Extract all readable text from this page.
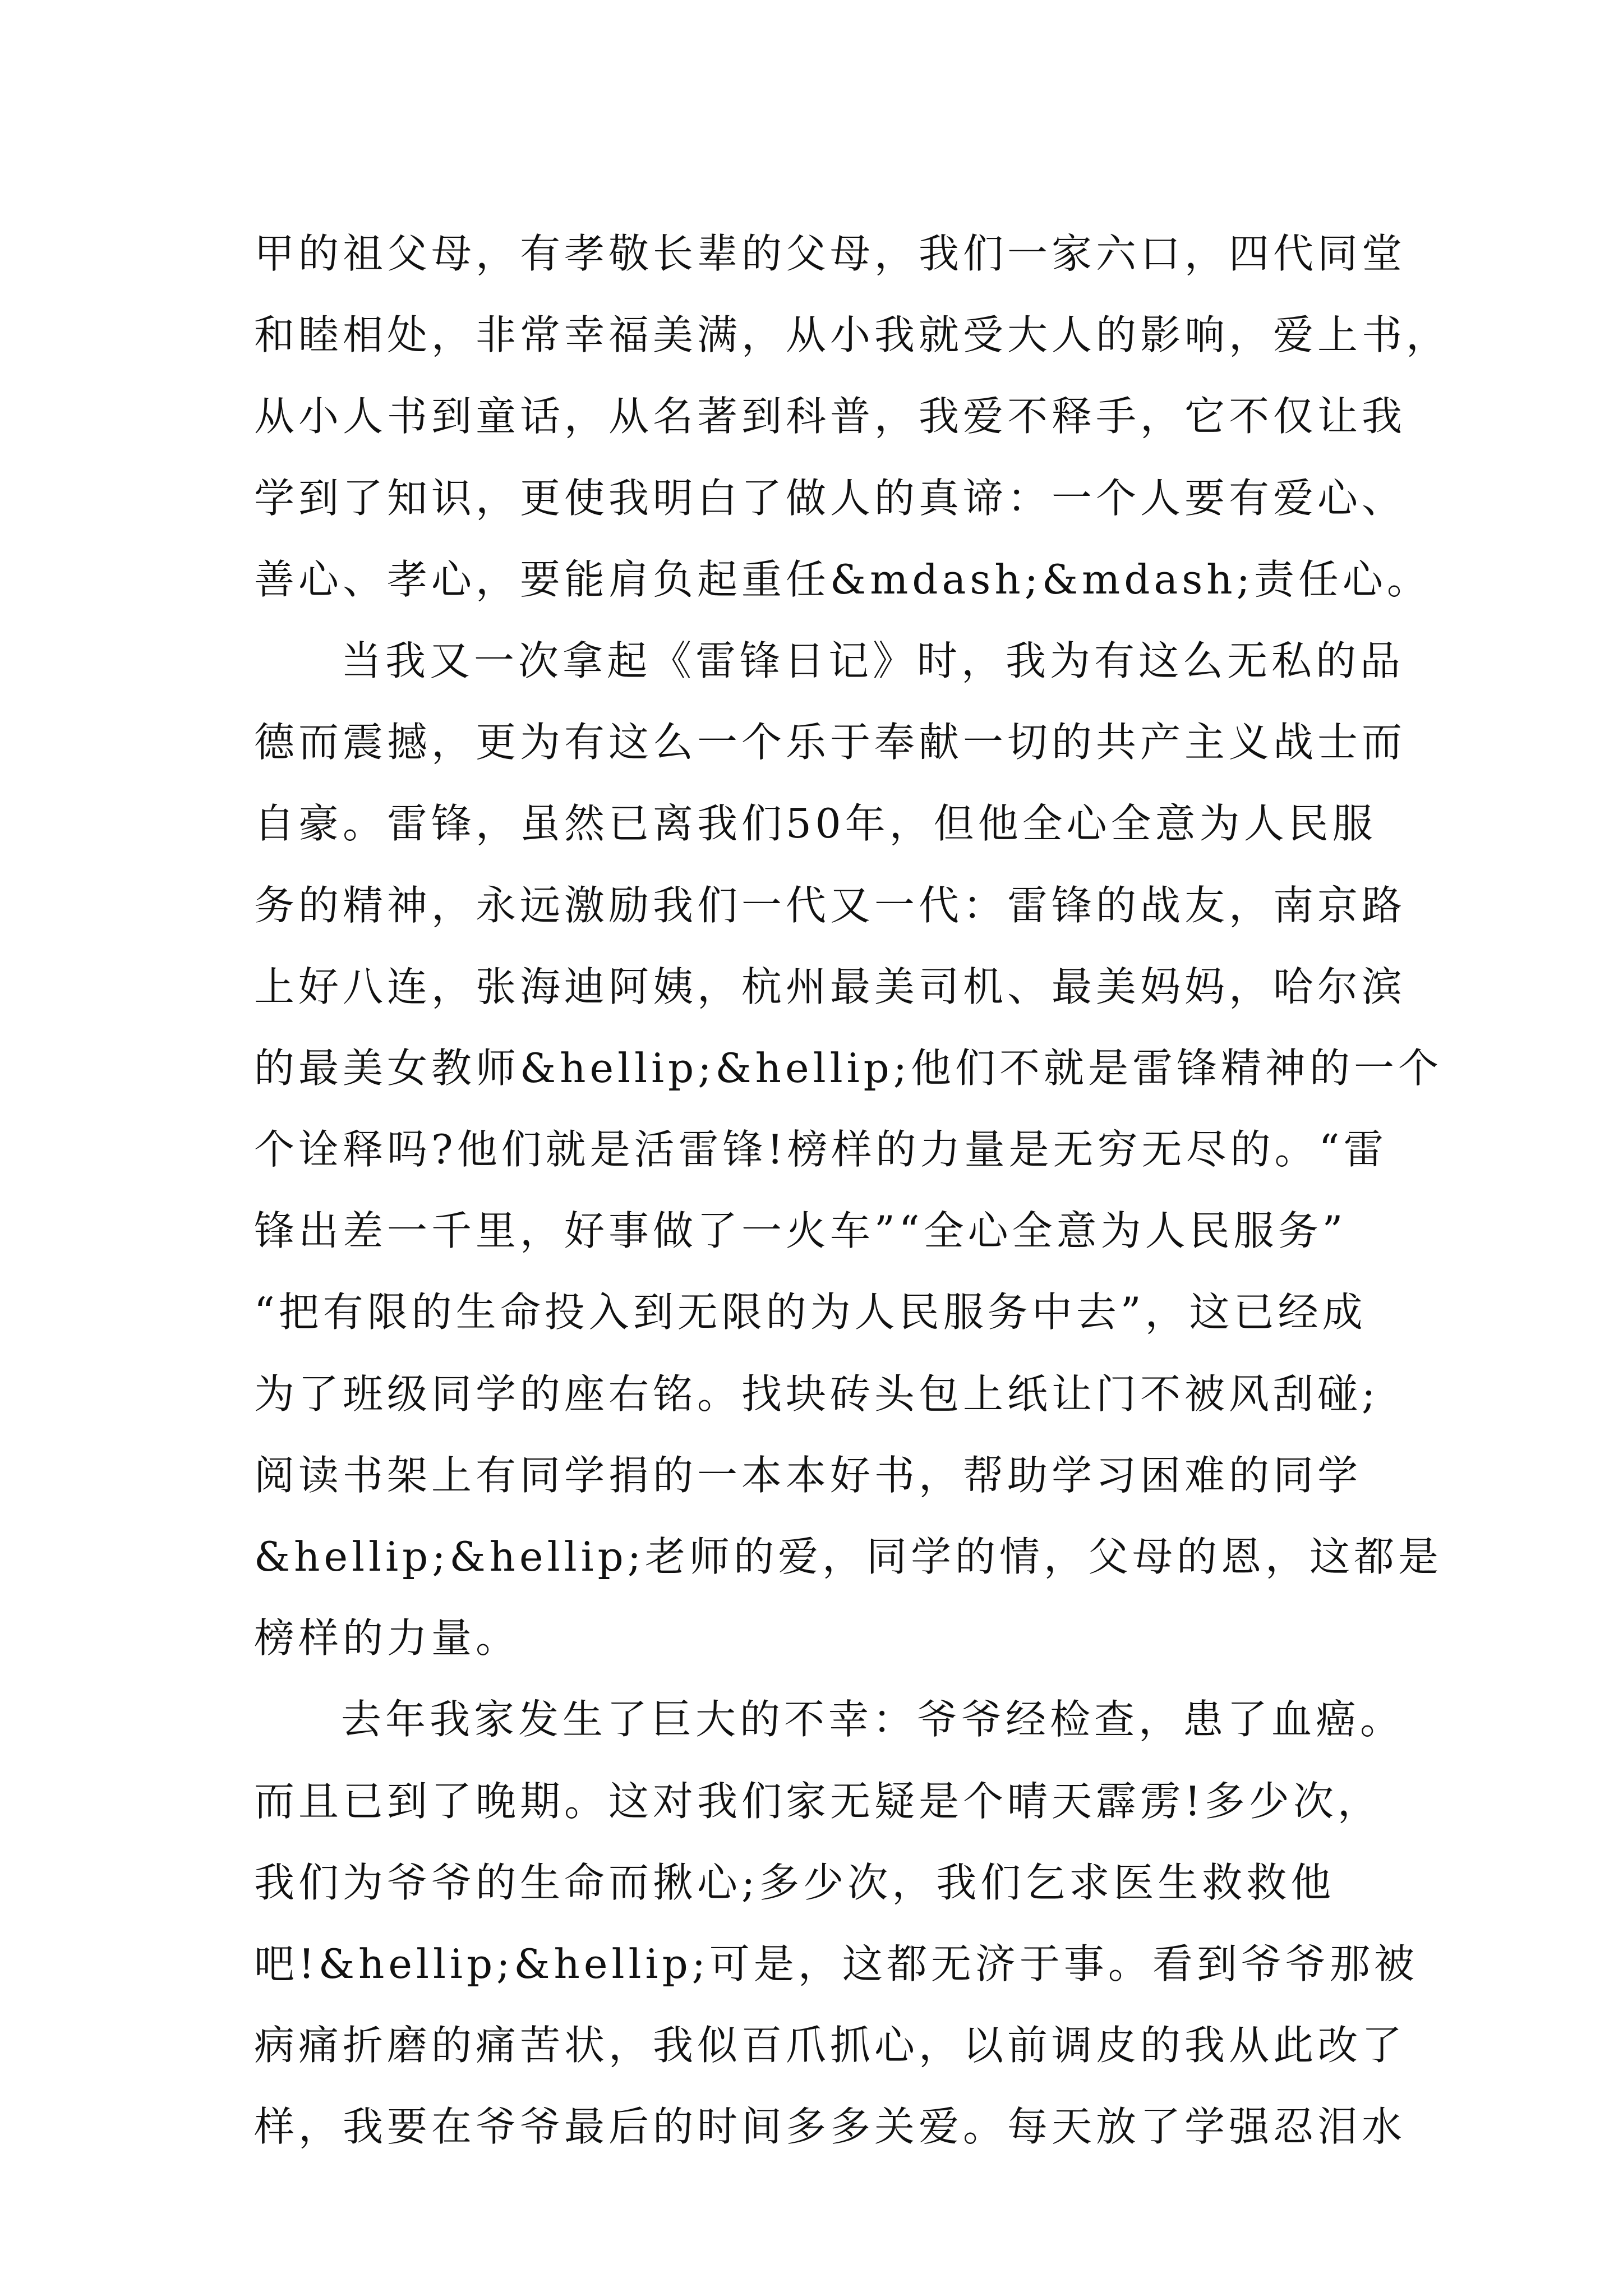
甲的祖父母，有孝敬长辈的父母，我们一家六口，四代同堂
和睦相处，非常幸福美满，从小我就受大人的影响，爱上书，
从小人书到童话，从名著到科普，我爱不释手，它不仅让我
学到了知识，更使我明白了做人的真谛：一个人要有爱心、
善心、孝心，要能肩负起重任&mdash;&mdash;责任心。
当我又一次拿起《雷锋日记》时，我为有这么无私的品
德而震撼，更为有这么一个乐于奉献一切的共产主义战士而
自豪。雷锋，虽然已离我们50年，但他全心全意为人民服
务的精神，永远激励我们一代又一代：雷锋的战友，南京路
上好八连，张海迪阿姨，杭州最美司机、最美妈妈，哈尔滨
的最美女教师&hellip;&hellip;他们不就是雷锋精神的一个
个诠释吗?他们就是活雷锋!榜样的力量是无穷无尽的。“雷
锋出差一千里，好事做了一火车”“全心全意为人民服务”
“把有限的生命投入到无限的为人民服务中去”，这已经成
为了班级同学的座右铭。找块砖头包上纸让门不被风刮碰;
阅读书架上有同学捐的一本本好书，帮助学习困难的同学
&hellip;&hellip;老师的爱，同学的情，父母的恩，这都是
榜样的力量。
去年我家发生了巨大的不幸：爷爷经检查，患了血癌。
而且已到了晚期。这对我们家无疑是个晴天霹雳!多少次，
我们为爷爷的生命而揪心;多少次，我们乞求医生救救他
吧!&hellip;&hellip;可是，这都无济于事。看到爷爷那被
病痛折磨的痛苦状，我似百爪抓心，以前调皮的我从此改了
样，我要在爷爷最后的时间多多关爱。每天放了学强忍泪水
